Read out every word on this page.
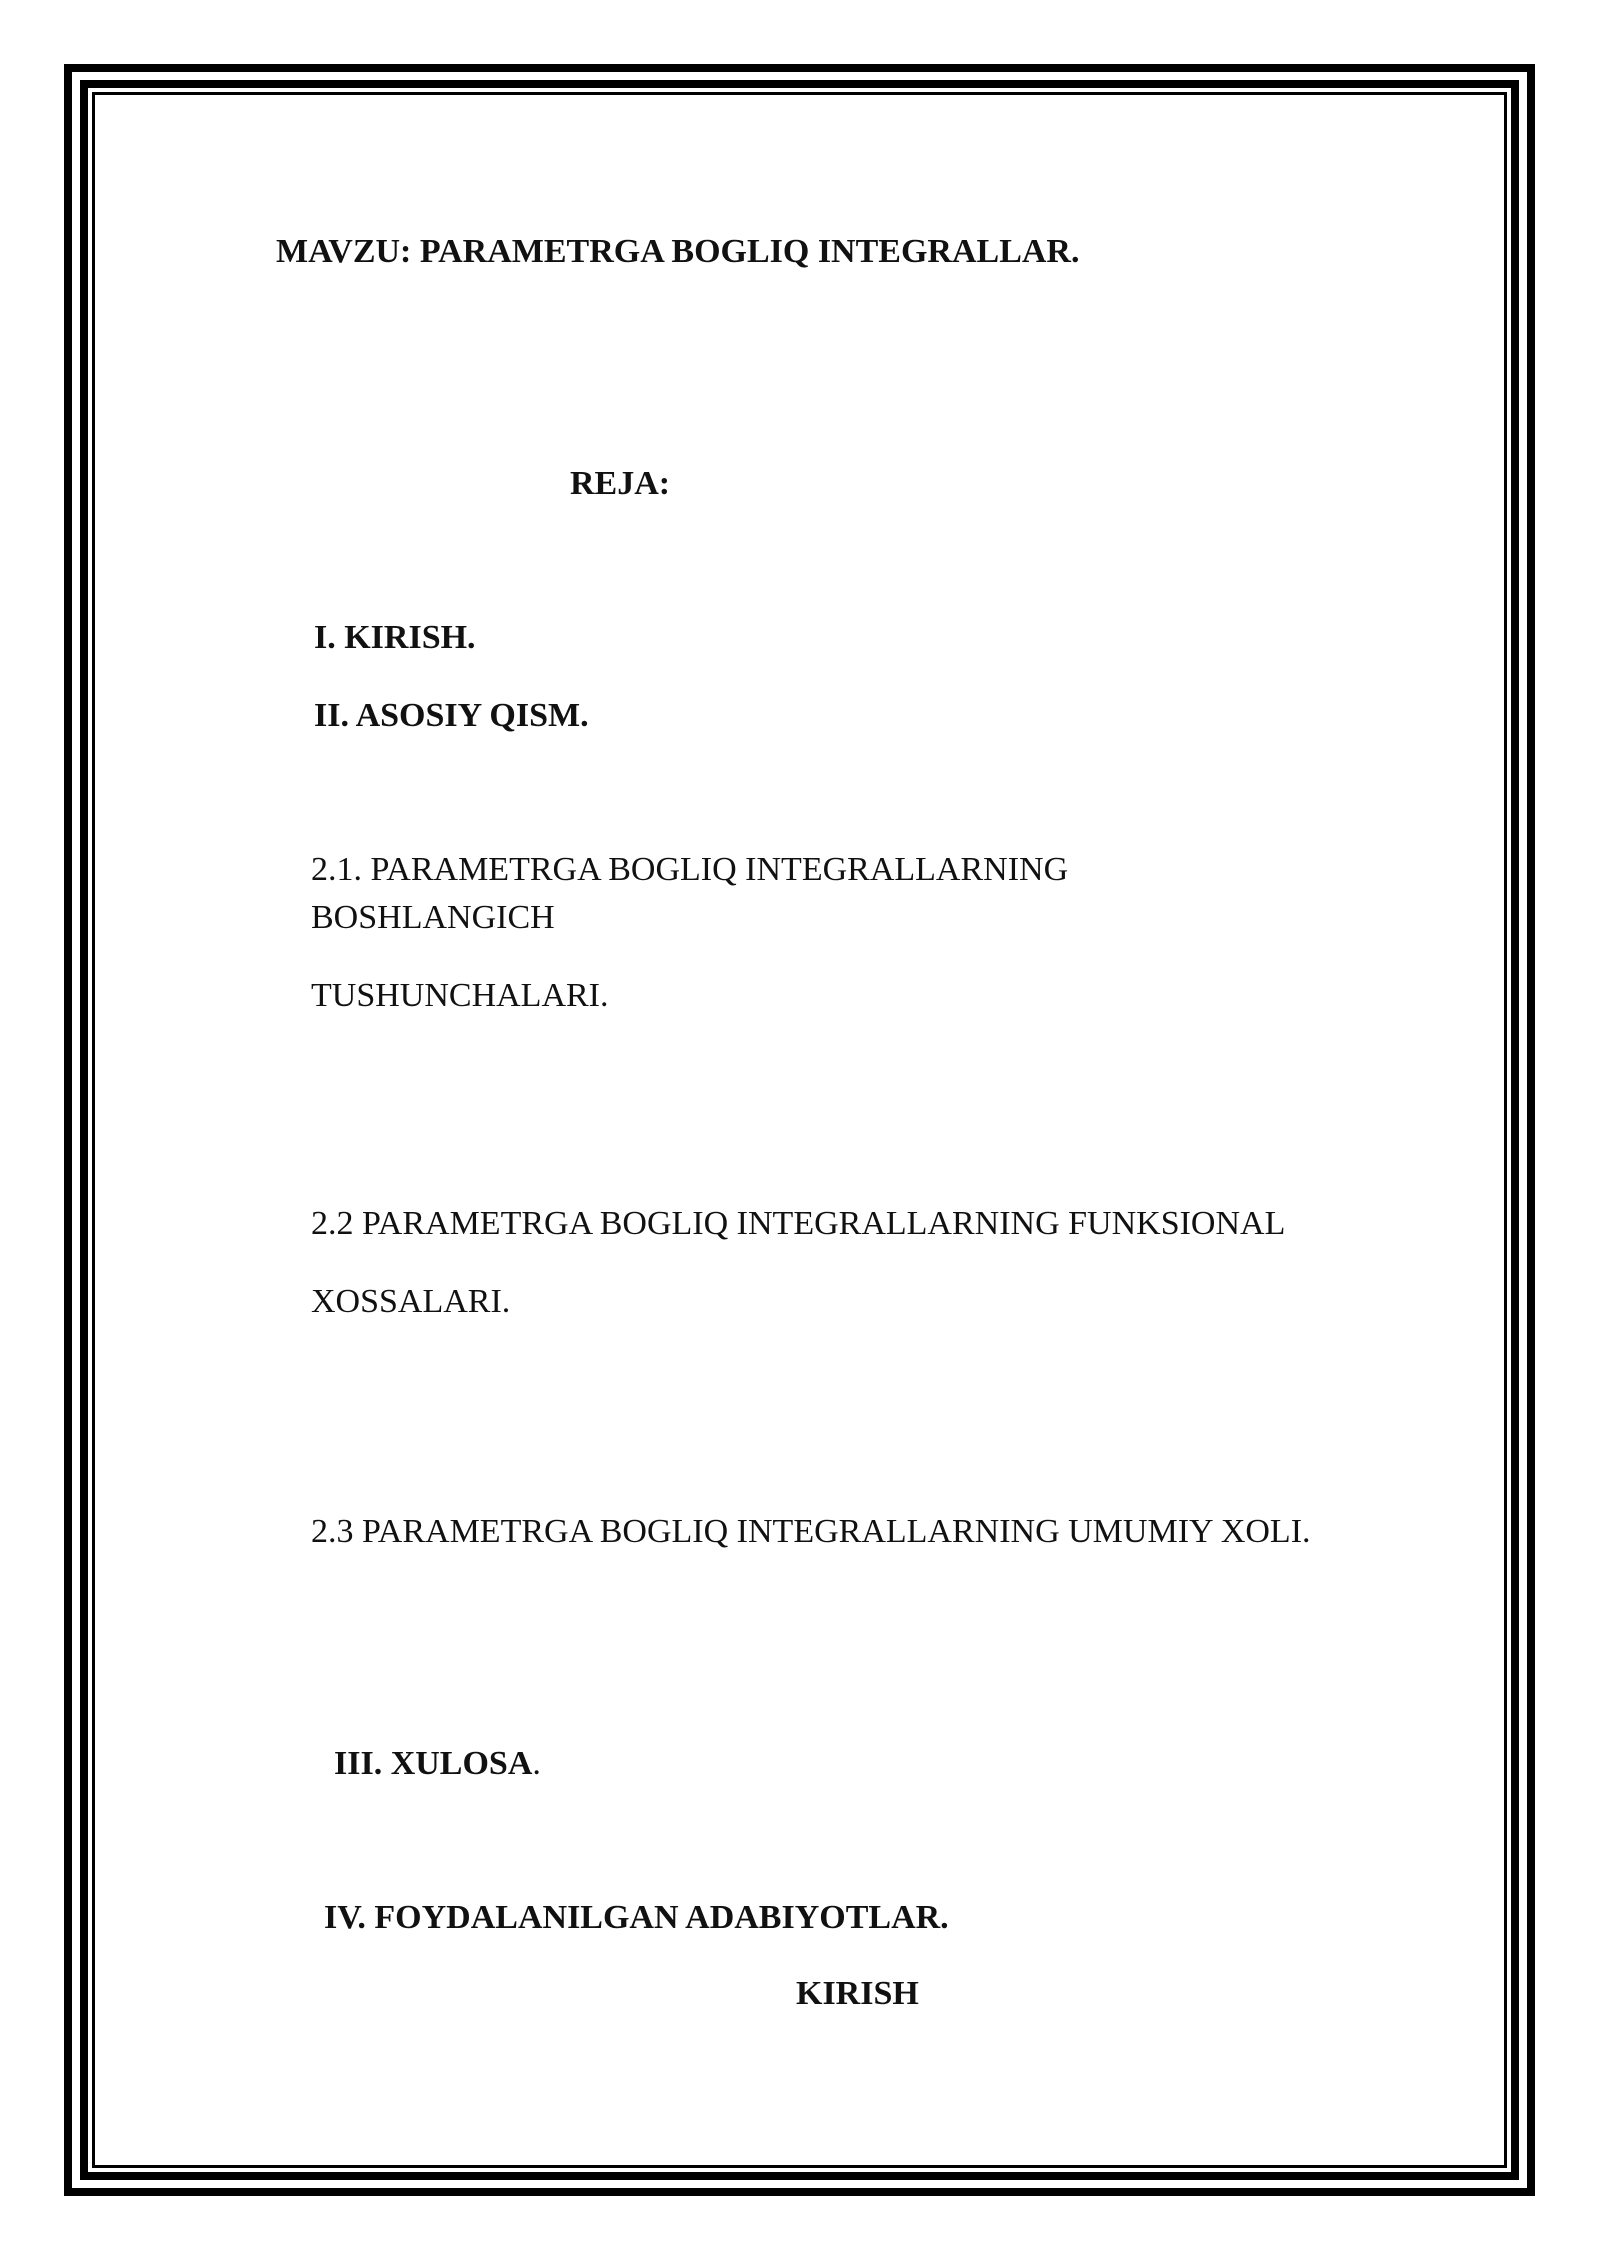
MAVZU: PARAMETRGA BOGLIQ INTEGRALLAR.
REJA:
I. KIRISH.
II. ASOSIY QISM.
2.1. PARAMETRGA BOGLIQ INTEGRALLARNING
BOSHLANGICH
TUSHUNCHALARI.
2.2 PARAMETRGA BOGLIQ INTEGRALLARNING FUNKSIONAL
XOSSALARI.
2.3 PARAMETRGA BOGLIQ INTEGRALLARNING UMUMIY XOLI.
III. XULOSA.
IV. FOYDALANILGAN ADABIYOTLAR.
KIRISH
